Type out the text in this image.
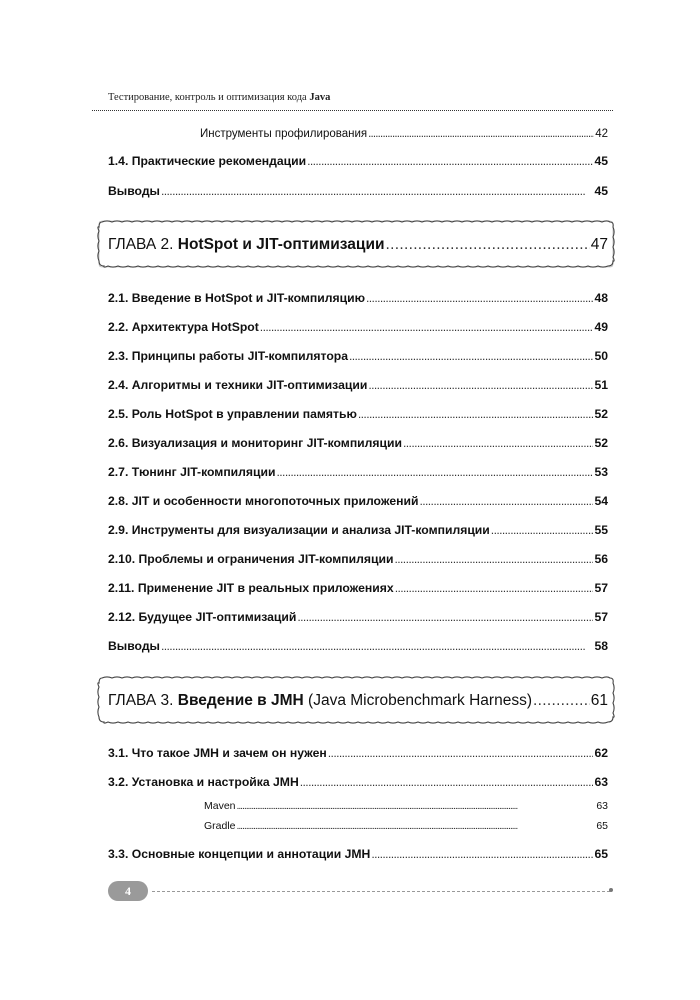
Тестирование, контроль и оптимизация кода Java
Инструменты профилирования . . .	42
1.4. Практические рекомендации . . .	45
Выводы . . .	45
ГЛАВА 2. HotSpot и JIT-оптимизации . . .	47
2.1. Введение в HotSpot и JIT-компиляцию . . .	48
2.2. Архитектура HotSpot . . .	49
2.3. Принципы работы JIT-компилятора . . .	50
2.4. Алгоритмы и техники JIT-оптимизации . . .	51
2.5. Роль HotSpot в управлении памятью . . .	52
2.6. Визуализация и мониторинг JIT-компиляции . . .	52
2.7. Тюнинг JIT-компиляции . . .	53
2.8. JIT и особенности многопоточных приложений . . .	54
2.9. Инструменты для визуализации и анализа JIT-компиляции . . .	55
2.10. Проблемы и ограничения JIT-компиляции . . .	56
2.11. Применение JIT в реальных приложениях . . .	57
2.12. Будущее JIT-оптимизаций . . .	57
Выводы . . .	58
ГЛАВА 3. Введение в JMH (Java Microbenchmark Harness) . . .	61
3.1. Что такое JMH и зачем он нужен . . .	62
3.2. Установка и настройка JMH . . .	63
Maven . . .	63
Gradle . . .	65
3.3. Основные концепции и аннотации JMH . . .	65
4
